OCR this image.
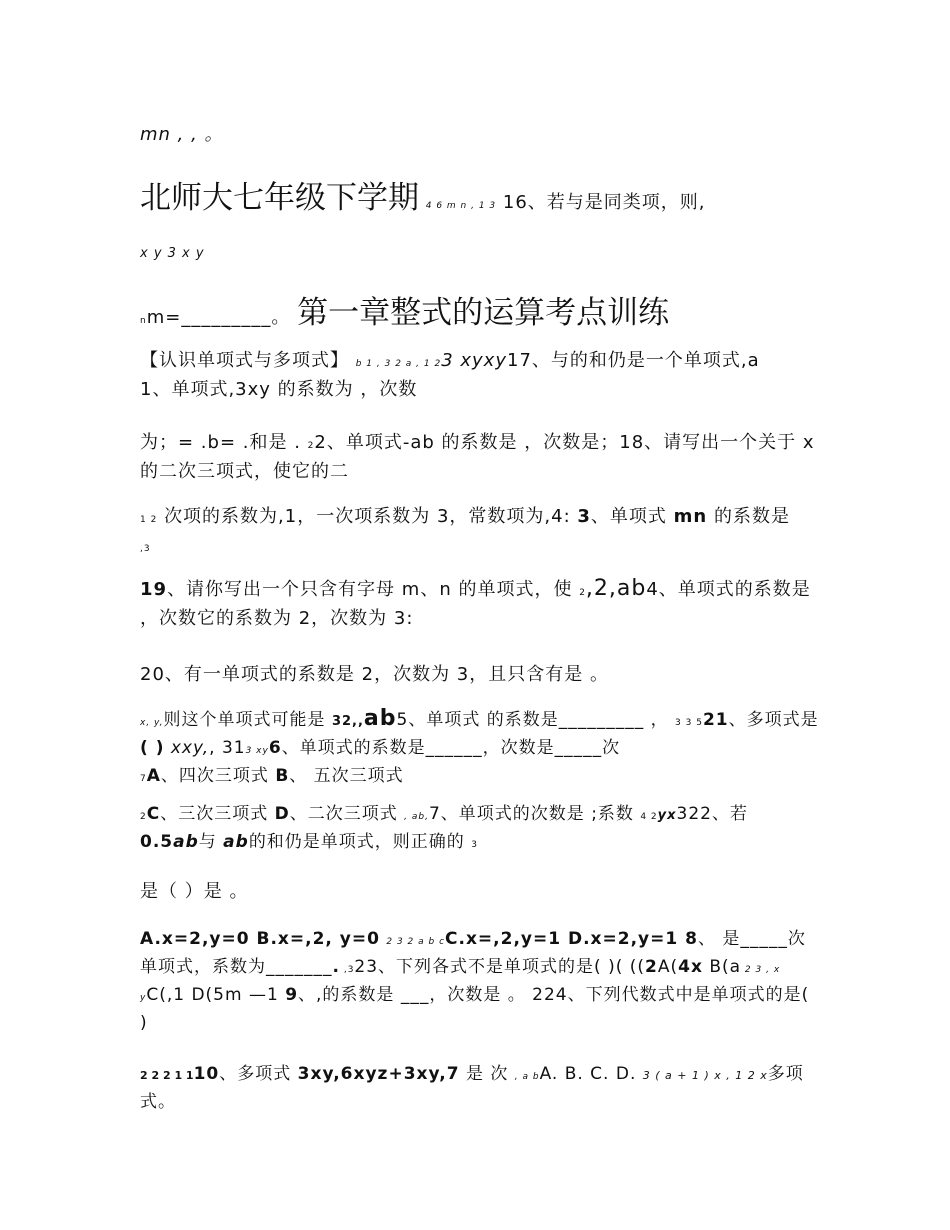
mn , , 。
北师大七年级下学期 4 6 m n , 1 3 16、若与是同类项，则,
x y 3 x y
nm=_________。 第一章整式的运算考点训练
【认识单项式与多项式】 b 1 , 3 2 a , 1 23 xyxy17、与的和仍是一个单项式,a
1、单项式,3xy 的系数为 ，次数
为；= .b= .和是 . 22、单项式-ab 的系数是 ，次数是；18、请写出一个关于 x 的二次三项式，使它的二
1 2 次项的系数为,1，一次项系数为 3，常数项为,4: 3、单项式 mn 的系数是
,3
19、请你写出一个只含有字母 m、n 的单项式，使 2,2,ab4、单项式的系数是 ，次数它的系数为 2，次数为 3:
20、有一单项式的系数是 2，次数为 3，且只含有是 。
x, y,则这个单项式可能是 32,,ab5、单项式 的系数是_________ ， 3 3 521、多项式是 ( ) xxy,, 313 xy6、单项式的系数是______，次数是_____次
7A、四次三项式 B、 五次三项式
2C、三次三项式 D、二次三项式 , ab,7、单项式的次数是 ;系数 4 2yx322、若
0.5ab与 ab的和仍是单项式，则正确的 3
是（ ）是 。
A.x=2,y=0 B.x=,2, y=0 2 3 2 a b cC.x=,2,y=1 D.x=2,y=1 8、 是_____次单项式，系数为_______. ,323、下列各式不是单项式的是( )( ((2A(4x B(a 2 3 , x yC(,1 D(5m —1 9、,的系数是 ___，次数是 。 224、下列代数式中是单项式的是( )
2 2 2 1 110、多项式 3xy,6xyz+3xy,7 是 次 , a bA. B. C. D. 3 ( a + 1 ) x , 1 2 x多项式。
